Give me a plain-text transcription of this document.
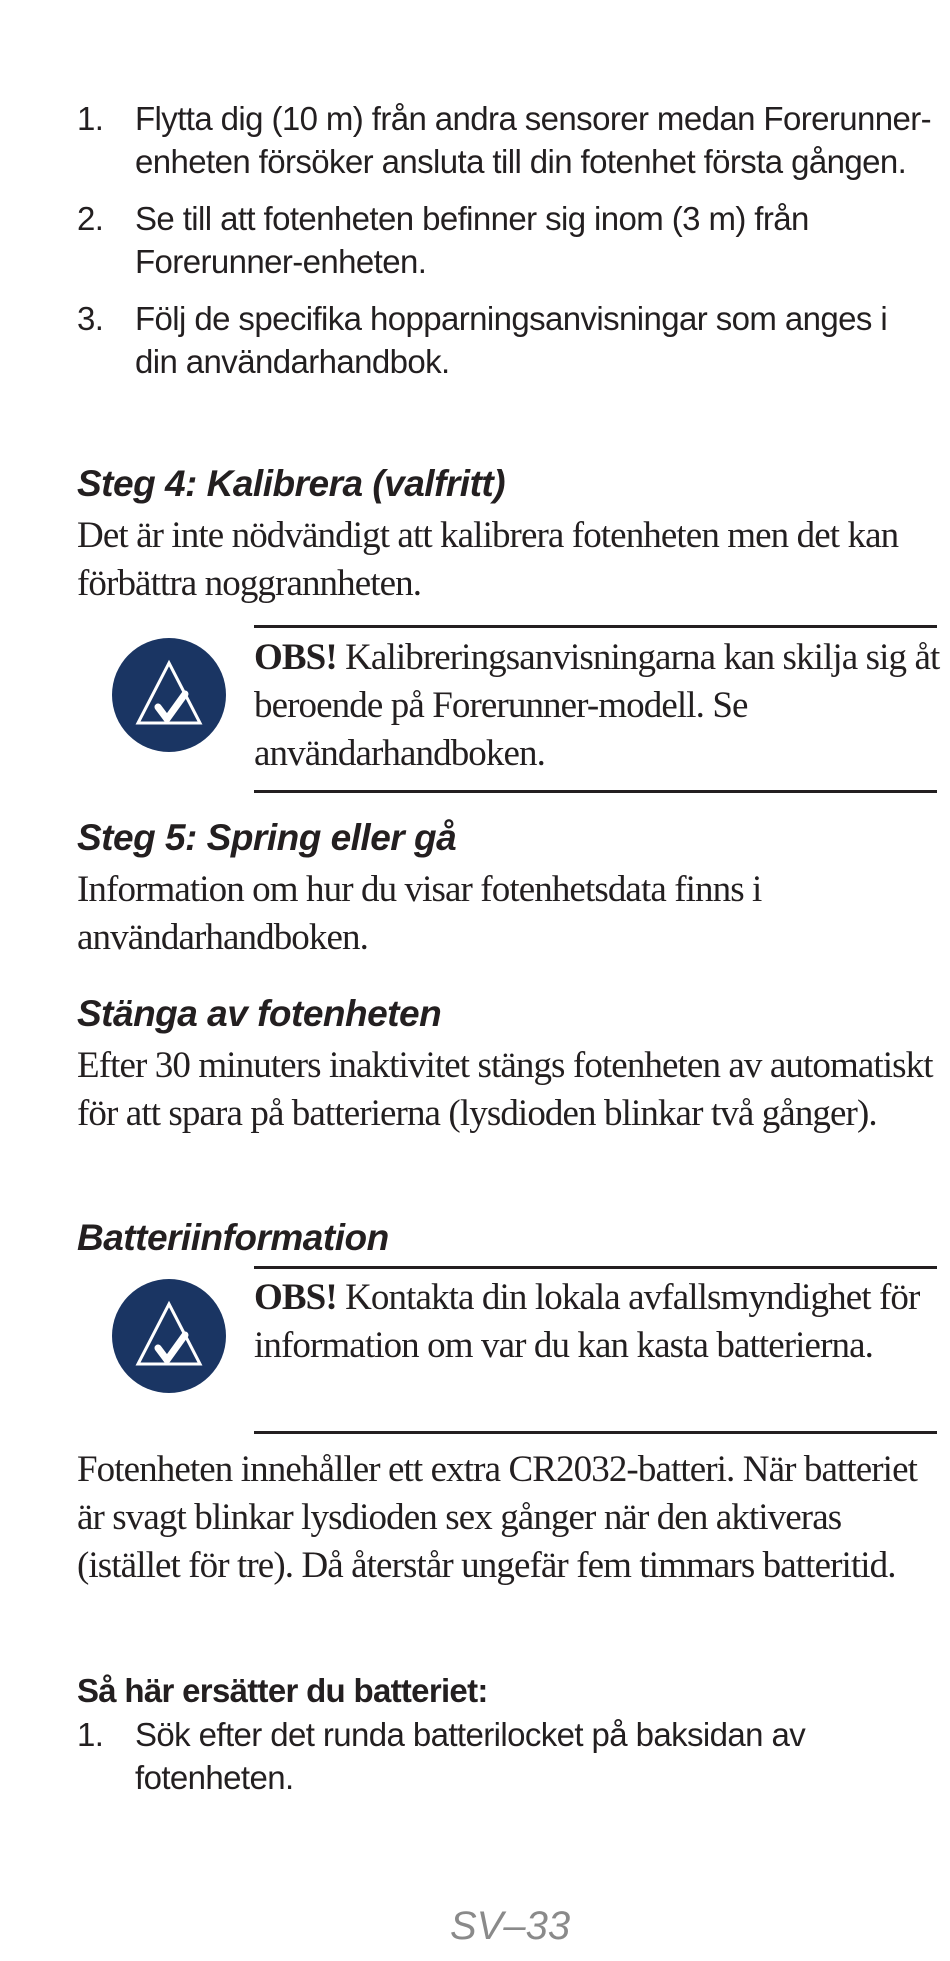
1. Flytta dig (10 m) från andra sensorer medan Forerunner-enheten försöker ansluta till din fotenhet första gången.
2. Se till att fotenheten befinner sig inom (3 m) från Forerunner-enheten.
3. Följ de specifika hopparningsanvisningar som anges i din användarhandbok.
Steg 4: Kalibrera (valfritt)
Det är inte nödvändigt att kalibrera fotenheten men det kan förbättra noggrannheten.
OBS! Kalibreringsanvisningarna kan skilja sig åt beroende på Forerunner-modell. Se användarhandboken.
Steg 5: Spring eller gå
Information om hur du visar fotenhetsdata finns i användarhandboken.
Stänga av fotenheten
Efter 30 minuters inaktivitet stängs fotenheten av automatiskt för att spara på batterierna (lysdioden blinkar två gånger).
Batteriinformation
OBS! Kontakta din lokala avfallsmyndighet för information om var du kan kasta batterierna.
Fotenheten innehåller ett extra CR2032-batteri. När batteriet är svagt blinkar lysdioden sex gånger när den aktiveras (istället för tre). Då återstår ungefär fem timmars batteritid.
Så här ersätter du batteriet:
1. Sök efter det runda batterilocket på baksidan av fotenheten.
SV–33
